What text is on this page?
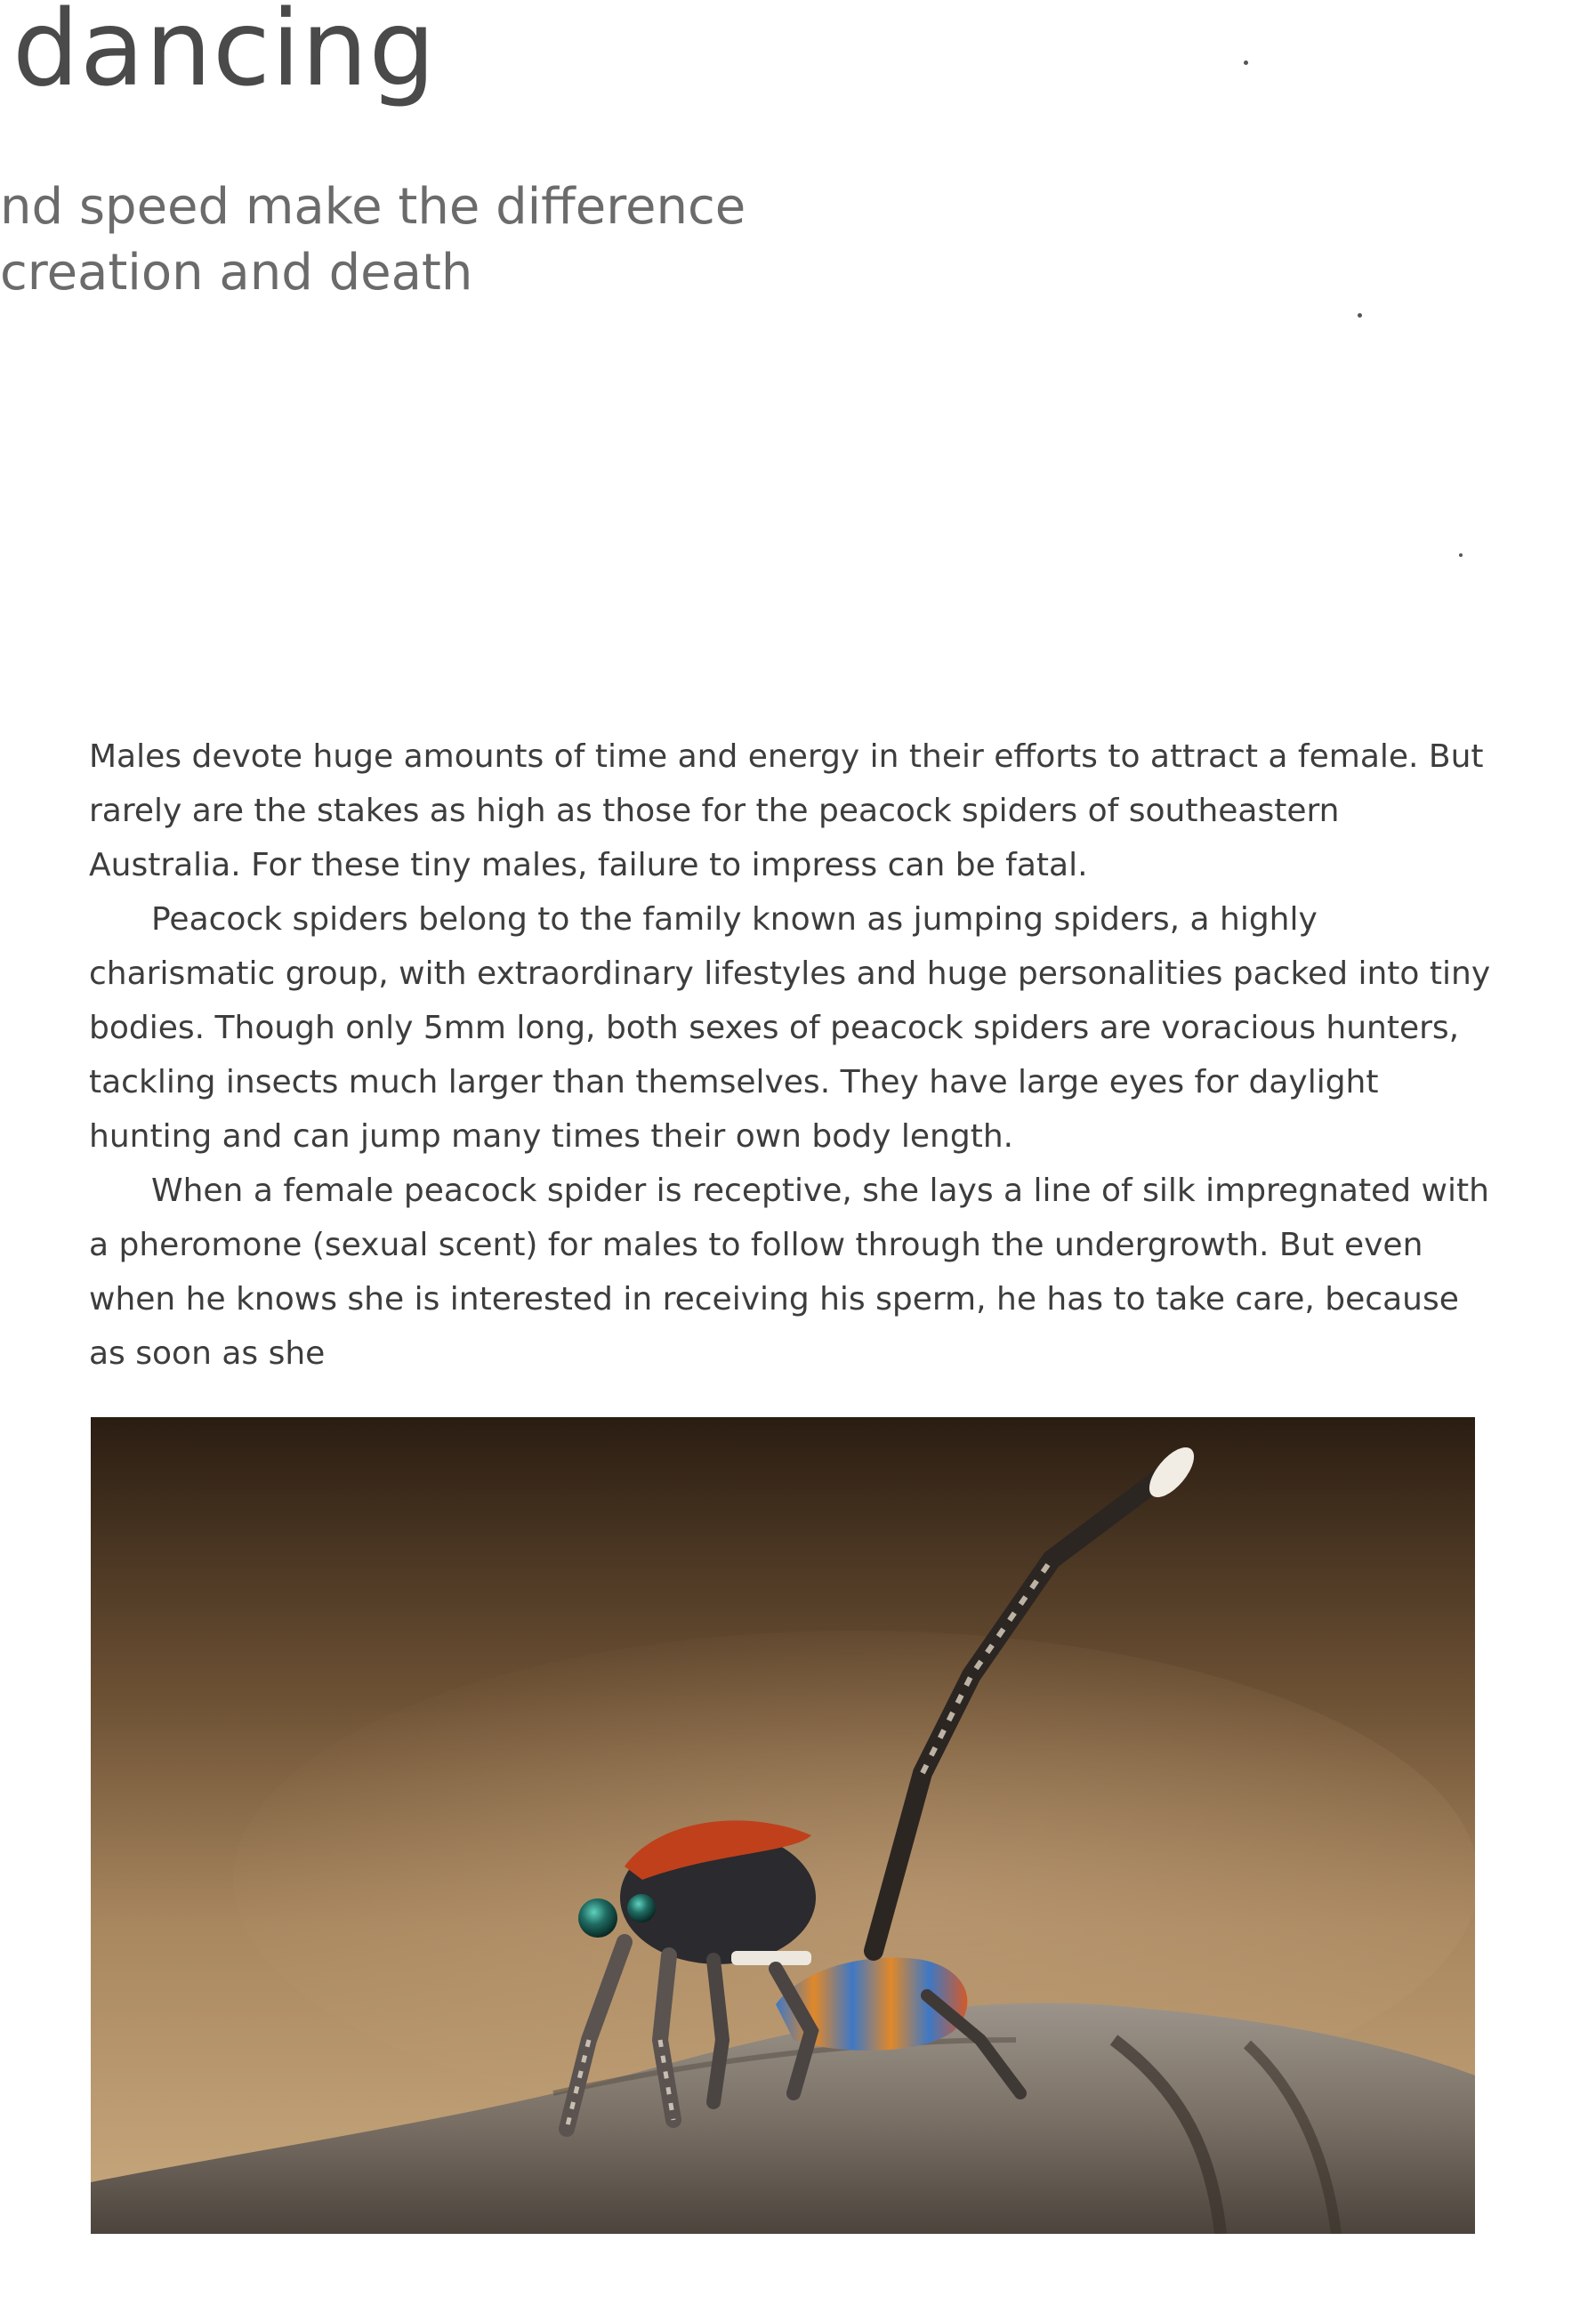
dancing
nd speed make the difference
creation and death

Males devote huge amounts of time and energy in their efforts to attract a female. But rarely are the stakes as high as those for the peacock spiders of southeastern Australia. For these tiny males, failure to impress can be fatal.

Peacock spiders belong to the family known as jumping spiders, a highly charismatic group, with extraordinary lifestyles and huge personalities packed into tiny bodies. Though only 5mm long, both sexes of peacock spiders are voracious hunters, tackling insects much larger than themselves. They have large eyes for daylight hunting and can jump many times their own body length.

When a female peacock spider is receptive, she lays a line of silk impregnated with a pheromone (sexual scent) for males to follow through the undergrowth. But even when he knows she is interested in receiving his sperm, he has to take care, because as soon as she
